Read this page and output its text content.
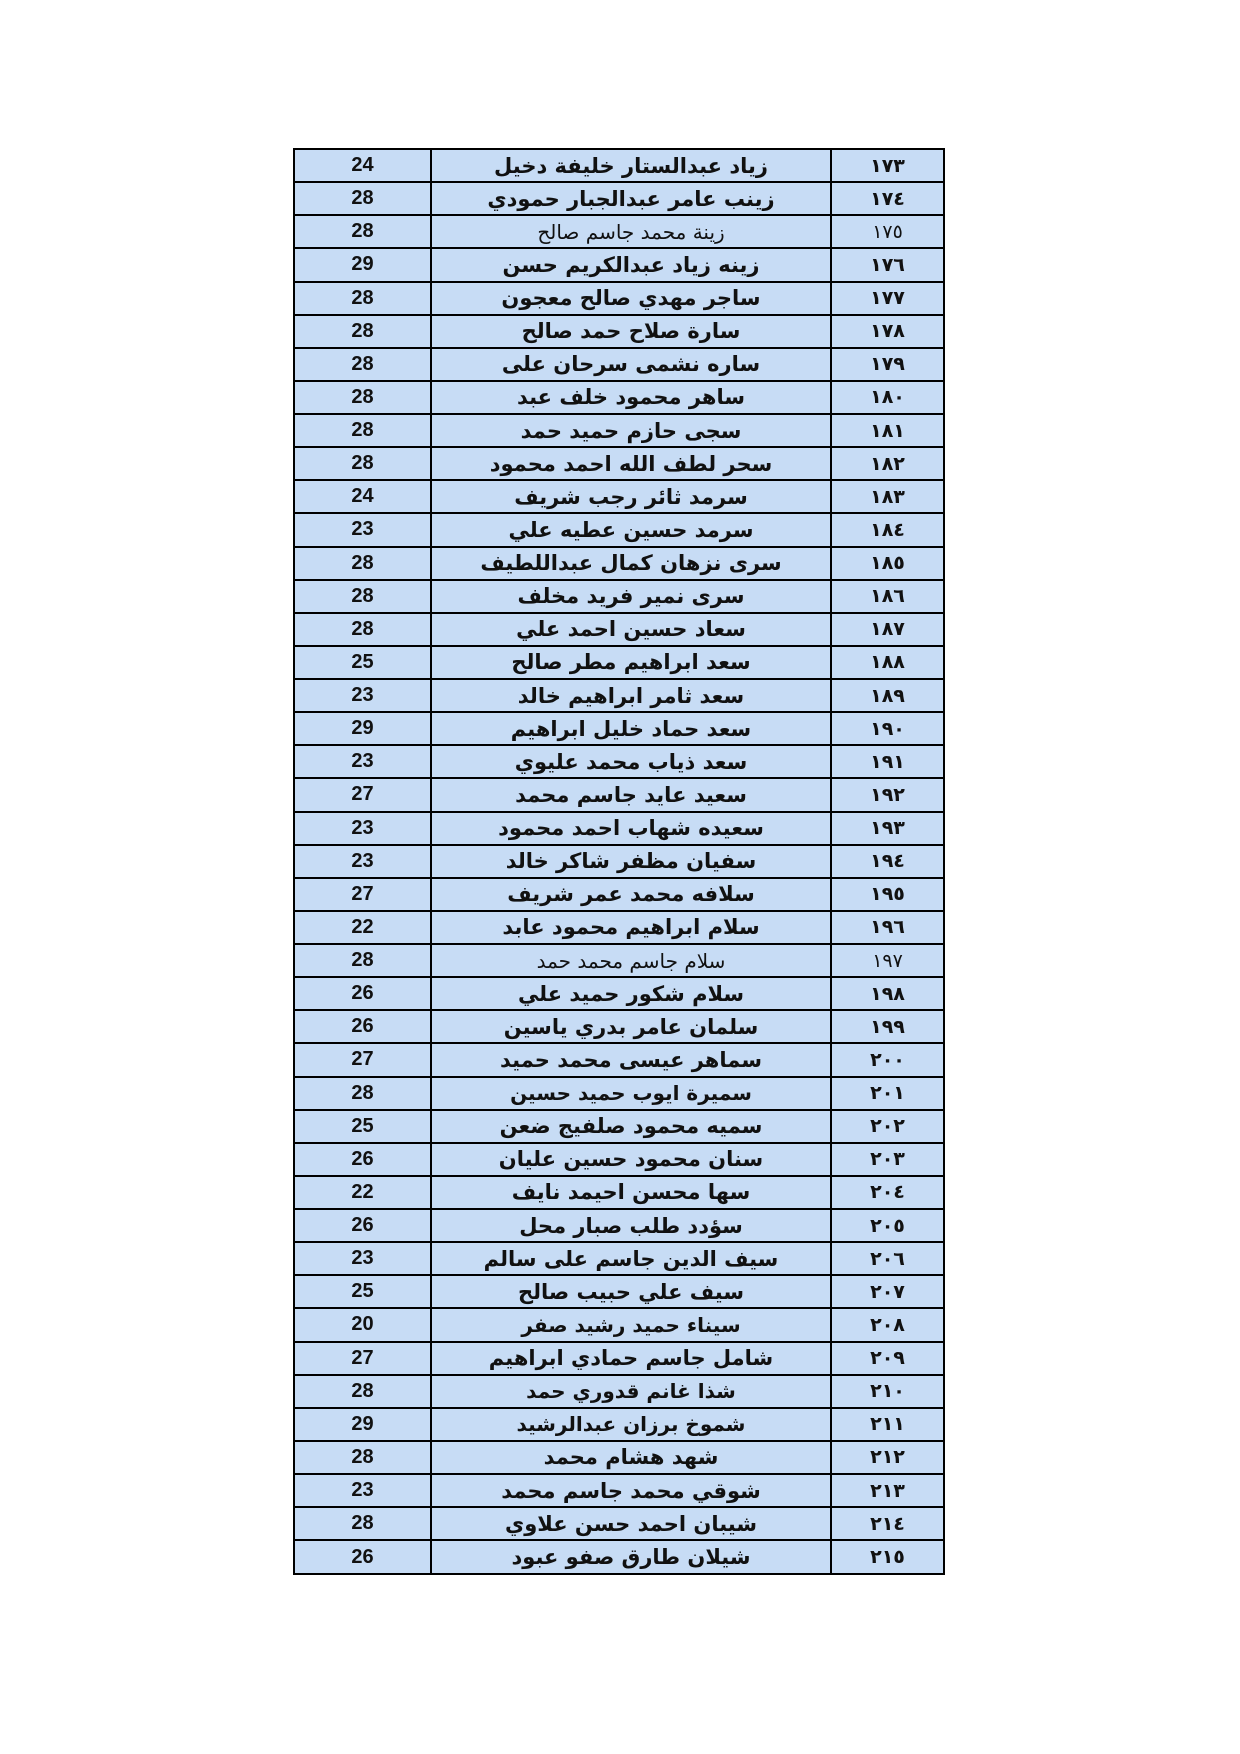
١٧٣	زياد عبدالستار خليفة دخيل	24
١٧٤	زينب عامر عبدالجبار حمودي	28
١٧٥	زينة محمد جاسم صالح	28
١٧٦	زينه زياد عبدالكريم حسن	29
١٧٧	ساجر مهدي صالح معجون	28
١٧٨	سارة صلاح حمد صالح	28
١٧٩	ساره نشمى سرحان على	28
١٨٠	ساهر محمود خلف عبد	28
١٨١	سجى حازم حميد حمد	28
١٨٢	سحر لطف الله احمد محمود	28
١٨٣	سرمد ثائر رجب شريف	24
١٨٤	سرمد حسين عطيه علي	23
١٨٥	سرى نزهان كمال عبداللطيف	28
١٨٦	سرى نمير فريد مخلف	28
١٨٧	سعاد حسين احمد علي	28
١٨٨	سعد ابراهيم مطر صالح	25
١٨٩	سعد ثامر ابراهيم خالد	23
١٩٠	سعد حماد خليل ابراهيم	29
١٩١	سعد ذياب محمد عليوي	23
١٩٢	سعيد عايد جاسم محمد	27
١٩٣	سعيده شهاب احمد محمود	23
١٩٤	سفيان مظفر شاكر خالد	23
١٩٥	سلافه محمد عمر شريف	27
١٩٦	سلام ابراهيم محمود عابد	22
١٩٧	سلام جاسم محمد حمد	28
١٩٨	سلام شكور حميد علي	26
١٩٩	سلمان عامر بدري ياسين	26
٢٠٠	سماهر عيسى محمد حميد	27
٢٠١	سميرة ايوب حميد حسين	28
٢٠٢	سميه محمود صلفيج ضعن	25
٢٠٣	سنان محمود حسين عليان	26
٢٠٤	سها محسن احيمد نايف	22
٢٠٥	سؤدد طلب صبار محل	26
٢٠٦	سيف الدين جاسم على سالم	23
٢٠٧	سيف علي حبيب صالح	25
٢٠٨	سيناء حميد رشيد صفر	20
٢٠٩	شامل جاسم حمادي ابراهيم	27
٢١٠	شذا غانم قدوري حمد	28
٢١١	شموخ برزان عبدالرشيد	29
٢١٢	شهد هشام محمد	28
٢١٣	شوقي محمد جاسم محمد	23
٢١٤	شيبان احمد حسن علاوي	28
٢١٥	شيلان طارق صفو عبود	26
